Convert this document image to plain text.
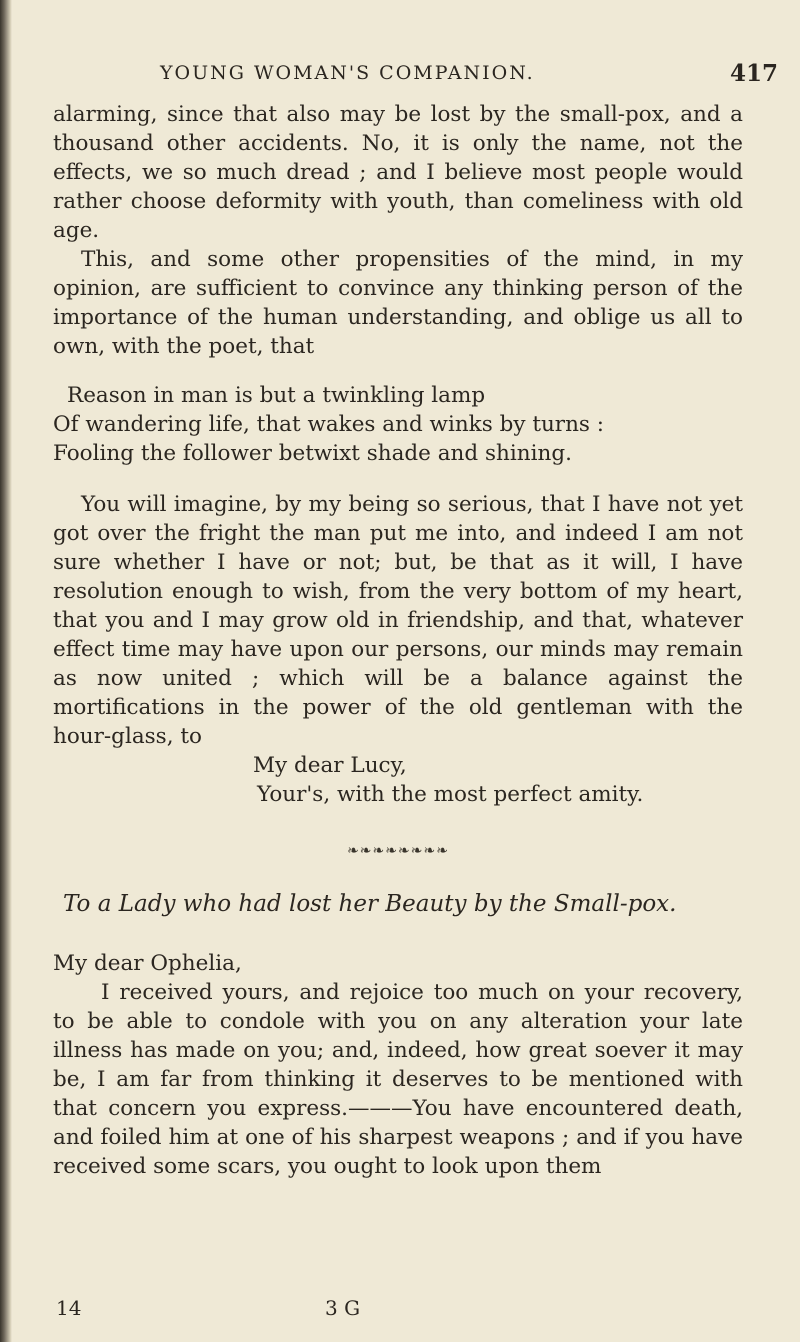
YOUNG WOMAN'S COMPANION.	417

alarming, since that also may be lost by the small-pox, and a thousand other accidents. No, it is only the name, not the effects, we so much dread ; and I believe most people would rather choose deformity with youth, than comeliness with old age.

This, and some other propensities of the mind, in my opinion, are sufficient to convince any thinking person of the importance of the human understanding, and oblige us all to own, with the poet, that

Reason in man is but a twinkling lamp
Of wandering life, that wakes and winks by turns :
Fooling the follower betwixt shade and shining.

You will imagine, by my being so serious, that I have not yet got over the fright the man put me into, and indeed I am not sure whether I have or not; but, be that as it will, I have resolution enough to wish, from the very bottom of my heart, that you and I may grow old in friendship, and that, whatever effect time may have upon our persons, our minds may remain as now united ; which will be a balance against the mortifications in the power of the old gentleman with the hour-glass, to

My dear Lucy,
Your's, with the most perfect amity.
❧❧❧❧❧❧❧❧
To a Lady who had lost her Beauty by the Small-pox.

My dear Ophelia,

I received yours, and rejoice too much on your recovery, to be able to condole with you on any alteration your late illness has made on you; and, indeed, how great soever it may be, I am far from thinking it deserves to be mentioned with that concern you express.———You have encountered death, and foiled him at one of his sharpest weapons ; and if you have received some scars, you ought to look upon them

14	3 G
